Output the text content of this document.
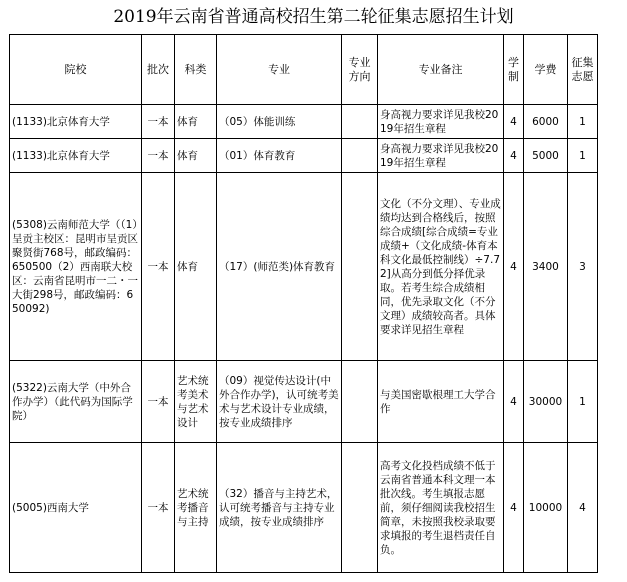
2019年云南省普通高校招生第二轮征集志愿招生计划
院校	批次	科类	专业	专业方向	专业备注	学制	学费	征集志愿
(1133)北京体育大学	一本	体育	（05）体能训练		身高视力要求详见我校2019年招生章程	4	6000	1
(1133)北京体育大学	一本	体育	（01）体育教育		身高视力要求详见我校2019年招生章程	4	5000	1
(5308)云南师范大学（（1）呈贡主校区：昆明市呈贡区聚贤街768号，邮政编码：650500（2）西南联大校区：云南省昆明市一二・一大街298号，邮政编码：650092)	一本	体育	（17）(师范类)体育教育		文化（不分文理）、专业成绩均达到合格线后，按照综合成绩[综合成绩=专业成绩+（文化成绩-体育本科文化最低控制线）÷7.72]从高分到低分择优录取。若考生综合成绩相同，优先录取文化（不分文理）成绩较高者。具体要求详见招生章程	4	3400	3
(5322)云南大学（中外合作办学）（此代码为国际学院）	一本	艺术统考美术与艺术设计	（09）视觉传达设计(中外合作办学)，认可统考美术与艺术设计专业成绩，按专业成绩排序		与美国密歇根理工大学合作	4	30000	1
(5005)西南大学	一本	艺术统考播音与主持	（32）播音与主持艺术，认可统考播音与主持专业成绩，按专业成绩排序		高考文化投档成绩不低于云南省普通本科文理一本批次线。考生填报志愿前，须仔细阅读我校招生简章，未按照我校录取要求填报的考生退档责任自负。	4	10000	4
